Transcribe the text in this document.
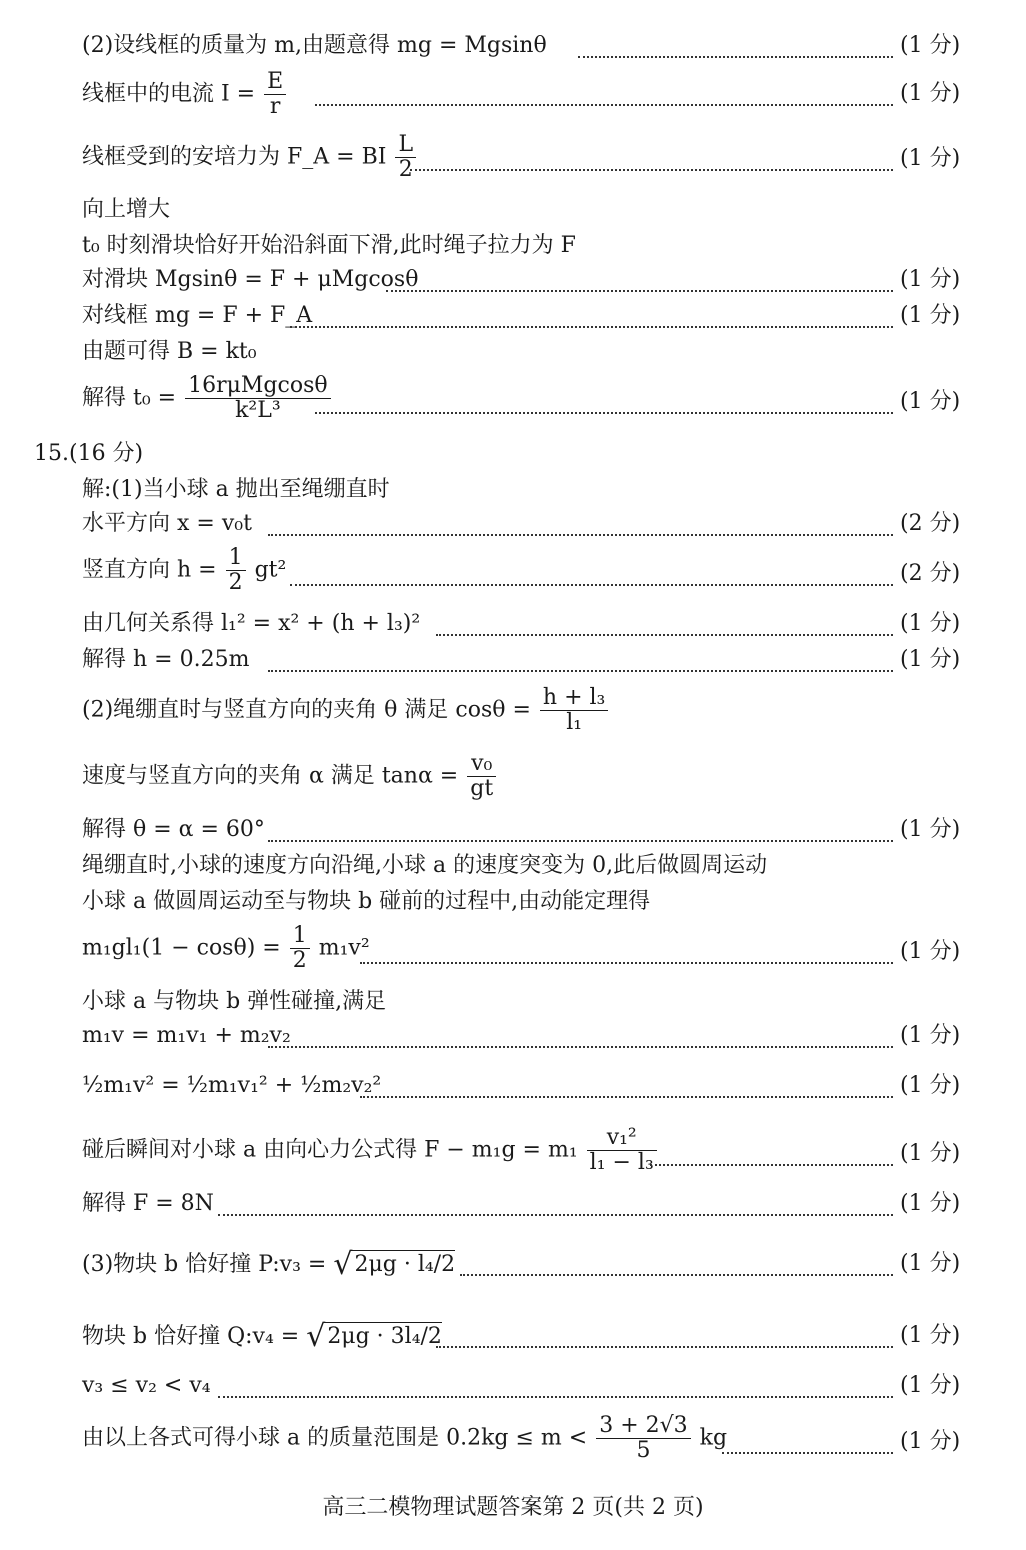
(2)设线框的质量为 m,由题意得 mg = Mgsinθ	(1 分)
线框中的电流 $I = \frac{E}{r}$	(1 分)
线框受到的安培力为 F_A = BI $\frac{L}{2}$	(1 分)
向上增大
t₀ 时刻滑块恰好开始沿斜面下滑,此时绳子拉力为 F
对滑块 Mgsinθ = F + μMgcosθ	(1 分)
对线框 mg = F + F_A	(1 分)
由题可得 B = kt₀
解得 $t_0 = \frac{\text{16rμMgcosθ}}{\text{k²L³}}$	(1 分)
15.(16 分)
解:(1)当小球 a 抛出至绳绷直时
水平方向 x = v₀t	(2 分)
竖直方向 $h = \frac{1}{2} gt^2$	(2 分)
由几何关系得 l₁² = x² + (h + l₃)²	(1 分)
解得 h = 0.25m	(1 分)
(2)绳绷直时与竖直方向的夹角 θ 满足 $\cos\theta = \frac{\text{h + l₃}}{\text{l₁}}$
速度与竖直方向的夹角 α 满足 $\tan\alpha = \frac{\text{v₀}}{gt}$
解得 θ = α = 60°	(1 分)
绳绷直时,小球的速度方向沿绳,小球 a 的速度突变为 0,此后做圆周运动
小球 a 做圆周运动至与物块 b 碰前的过程中,由动能定理得
$m_1gl_1(1 - \cos\theta) = \frac{1}{2} m_1v^2$	(1 分)
小球 a 与物块 b 弹性碰撞,满足
m₁v = m₁v₁ + m₂v₂	(1 分)
½m₁v² = ½m₁v₁² + ½m₂v₂²	(1 分)
碰后瞬间对小球 a 由向心力公式得 $F - m_1g = m_1 \frac{\text{v₁²}}{\text{l₁ − l₃}}$	(1 分)
解得 F = 8N	(1 分)
(3)物块 b 恰好撞 P:v₃ = √2μg · l₄/2	(1 分)
物块 b 恰好撞 Q:v₄ = √2μg · 3l₄/2	(1 分)
v₃ ≤ v₂ < v₄	(1 分)
由以上各式可得小球 a 的质量范围是 $0.2kg \le m < \frac{3 + 2√3}{5}$ kg	(1 分)
高三二模物理试题答案第 2 页(共 2 页)
